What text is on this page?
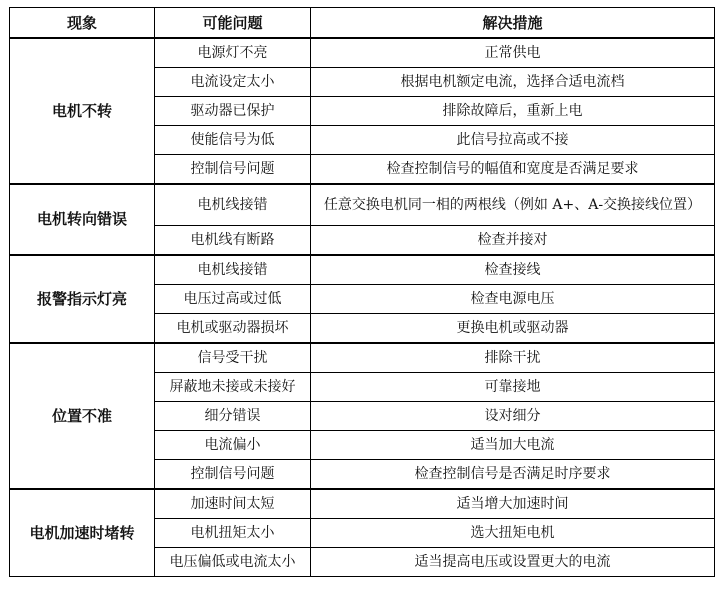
现象	可能问题	解决措施
电机不转	电源灯不亮	正常供电
	电流设定太小	根据电机额定电流，选择合适电流档
	驱动器已保护	排除故障后，重新上电
	使能信号为低	此信号拉高或不接
	控制信号问题	检查控制信号的幅值和宽度是否满足要求
电机转向错误	电机线接错	任意交换电机同一相的两根线（例如 A+、A-交换接线位置）
	电机线有断路	检查并接对
报警指示灯亮	电机线接错	检查接线
	电压过高或过低	检查电源电压
	电机或驱动器损坏	更换电机或驱动器
位置不准	信号受干扰	排除干扰
	屏蔽地未接或未接好	可靠接地
	细分错误	设对细分
	电流偏小	适当加大电流
	控制信号问题	检查控制信号是否满足时序要求
电机加速时堵转	加速时间太短	适当增大加速时间
	电机扭矩太小	选大扭矩电机
	电压偏低或电流太小	适当提高电压或设置更大的电流
